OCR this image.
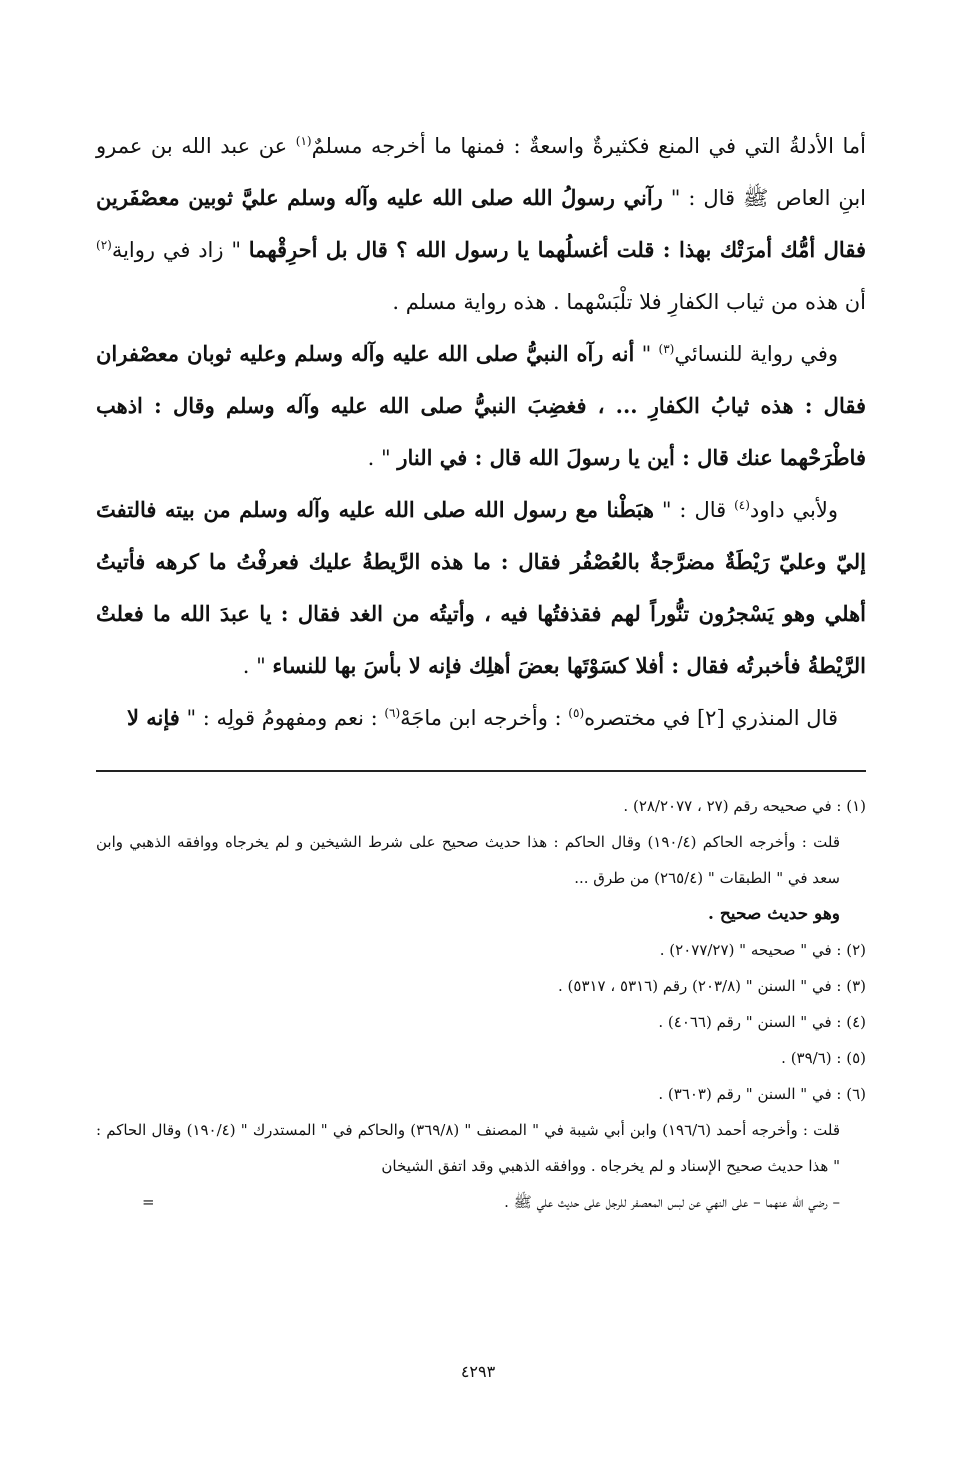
أما الأدلةُ التي في المنع فكثيرةٌ واسعةٌ : فمنها ما أخرجه مسلمٌ$^{(١)}$ عن عبد الله بن عمرو ابنِ العاص ﷺ قال : " رآني رسولُ الله صلى الله عليه وآله وسلم عليَّ ثوبين معصْفَرين فقال أمُّك أمرَتْك بهذا : قلت أغسلُهما يا رسول الله ؟ قال بل أحرِقْهما " زاد في رواية$^{(٢)}$ أن هذه من ثياب الكفارِ فلا تلْبَسْهما . هذه رواية مسلم .

وفي رواية للنسائي$^{(٣)}$ " أنه رآه النبيُّ صلى الله عليه وآله وسلم وعليه ثوبان معصْفران فقال : هذه ثيابُ الكفارِ ... ، فغضِبَ النبيُّ صلى الله عليه وآله وسلم وقال : اذهب فاطْرَحْهما عنك قال : أين يا رسولَ الله قال : في النار " .

ولأبي داود$^{(٤)}$ قال : " هبَطْنا مع رسول الله صلى الله عليه وآله وسلم من بيته فالتفتَ إليّ وعليّ رَيْطَةٌ مضرَّجةٌ بالعُصْفُر فقال : ما هذه الرَّيطةُ عليك فعرفْتُ ما كرهه فأتيتُ أهلي وهو يَسْجرُون تنُّوراً لهم فقذفتُها فيه ، وأتيتُه من الغد فقال : يا عبدَ الله ما فعلتْ الرَّيْطةُ فأخبرتُه فقال : أفلا كسَوْتَها بعضَ أهلِك فإنه لا بأسَ بها للنساء " .

قال المنذري [٢] في مختصره$^{(٥)}$ : وأخرجه ابن ماجَهْ$^{(٦)}$ : نعم ومفهومُ قولِه : " فإنه لا

(١) : في صحيحه رقم (٢٧ ، ٢٨/٢٠٧٧) .

قلت : وأخرجه الحاكم (١٩٠/٤) وقال الحاكم : هذا حديث صحيح على شرط الشيخين و لم يخرجاه ووافقه الذهبي وابن سعد في " الطبقات " (٢٦٥/٤) من طرق ...

وهو حديث صحيح .

(٢) : في " صحيحه " (٢٠٧٧/٢٧) .

(٣) : في " السنن " (٢٠٣/٨) رقم (٥٣١٦ ، ٥٣١٧) .

(٤) : في " السنن " رقم (٤٠٦٦) .

(٥) : (٣٩/٦) .

(٦) : في " السنن " رقم (٣٦٠٣) .

قلت : وأخرجه أحمد (١٩٦/٦) وابن أبي شيبة في " المصنف " (٣٦٩/٨) والحاكم في " المستدرك " (١٩٠/٤) وقال الحاكم : " هذا حديث صحيح الإسناد و لم يخرجاه . ووافقه الذهبي وقد اتفق الشيخان

– رضي الله عنهما – على النهي عن لبس المعصفر للرجل على حديث علي ﷺ .
=

٤٢٩٣
